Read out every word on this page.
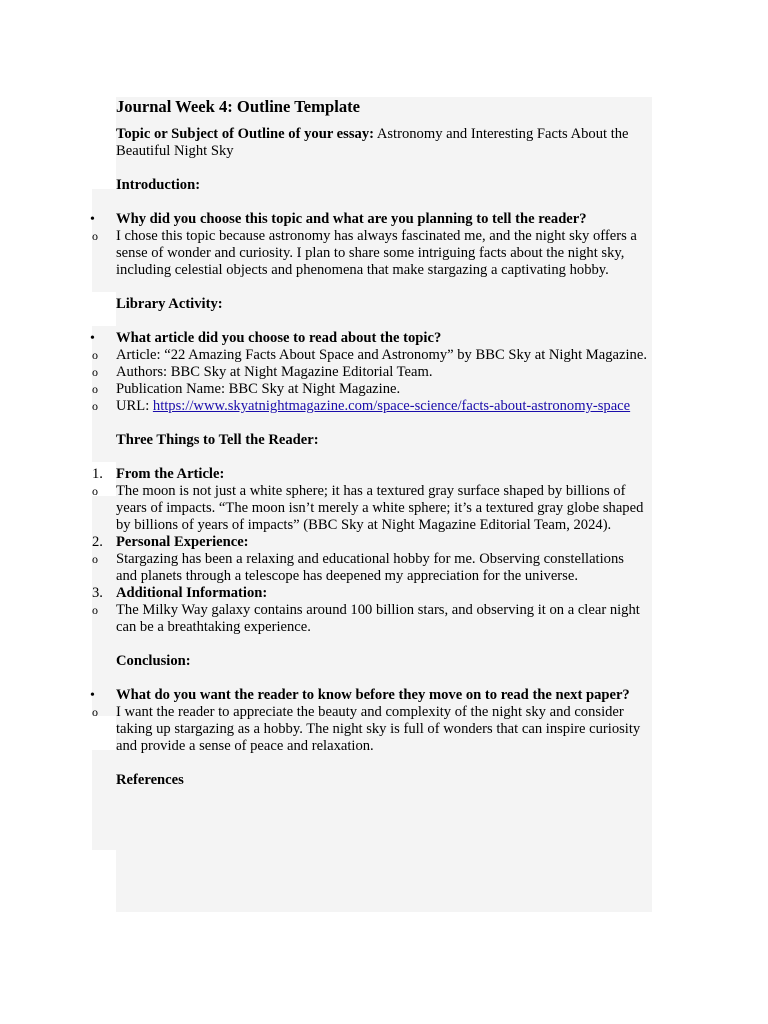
Journal Week 4: Outline Template
Topic or Subject of Outline of your essay: Astronomy and Interesting Facts About the Beautiful Night Sky
Introduction:
•	Why did you choose this topic and what are you planning to tell the reader?
o	I chose this topic because astronomy has always fascinated me, and the night sky offers a sense of wonder and curiosity. I plan to share some intriguing facts about the night sky, including celestial objects and phenomena that make stargazing a captivating hobby.
Library Activity:
•	What article did you choose to read about the topic?
o	Article: “22 Amazing Facts About Space and Astronomy” by BBC Sky at Night Magazine.
o	Authors: BBC Sky at Night Magazine Editorial Team.
o	Publication Name: BBC Sky at Night Magazine.
o	URL: https://www.skyatnightmagazine.com/space-science/facts-about-astronomy-space
Three Things to Tell the Reader:
1. From the Article:
o	The moon is not just a white sphere; it has a textured gray surface shaped by billions of years of impacts. “The moon isn’t merely a white sphere; it’s a textured gray globe shaped by billions of years of impacts” (BBC Sky at Night Magazine Editorial Team, 2024).
2. Personal Experience:
o	Stargazing has been a relaxing and educational hobby for me. Observing constellations and planets through a telescope has deepened my appreciation for the universe.
3. Additional Information:
o	The Milky Way galaxy contains around 100 billion stars, and observing it on a clear night can be a breathtaking experience.
Conclusion:
•	What do you want the reader to know before they move on to read the next paper?
o	I want the reader to appreciate the beauty and complexity of the night sky and consider taking up stargazing as a hobby. The night sky is full of wonders that can inspire curiosity and provide a sense of peace and relaxation.
References
